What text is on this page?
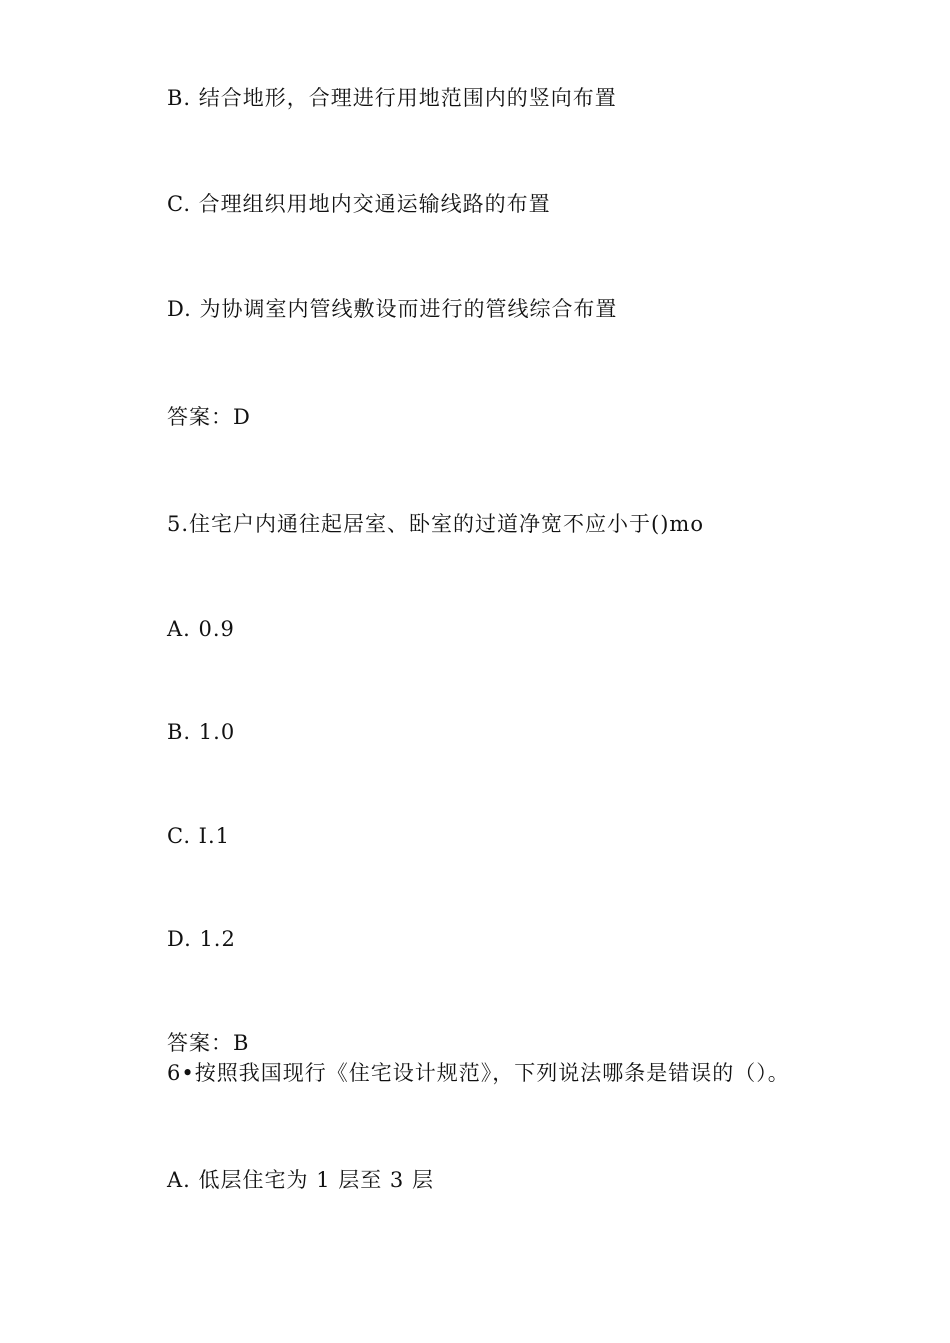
B. 结合地形，合理进行用地范围内的竖向布置
C. 合理组织用地内交通运输线路的布置
D. 为协调室内管线敷设而进行的管线综合布置
答案：D
5.住宅户内通往起居室、卧室的过道净宽不应小于()mo
A. 0.9
B. 1.0
C. I.1
D. 1.2
答案：B
6•按照我国现行《住宅设计规范》，下列说法哪条是错误的（）。
A. 低层住宅为 1 层至 3 层
